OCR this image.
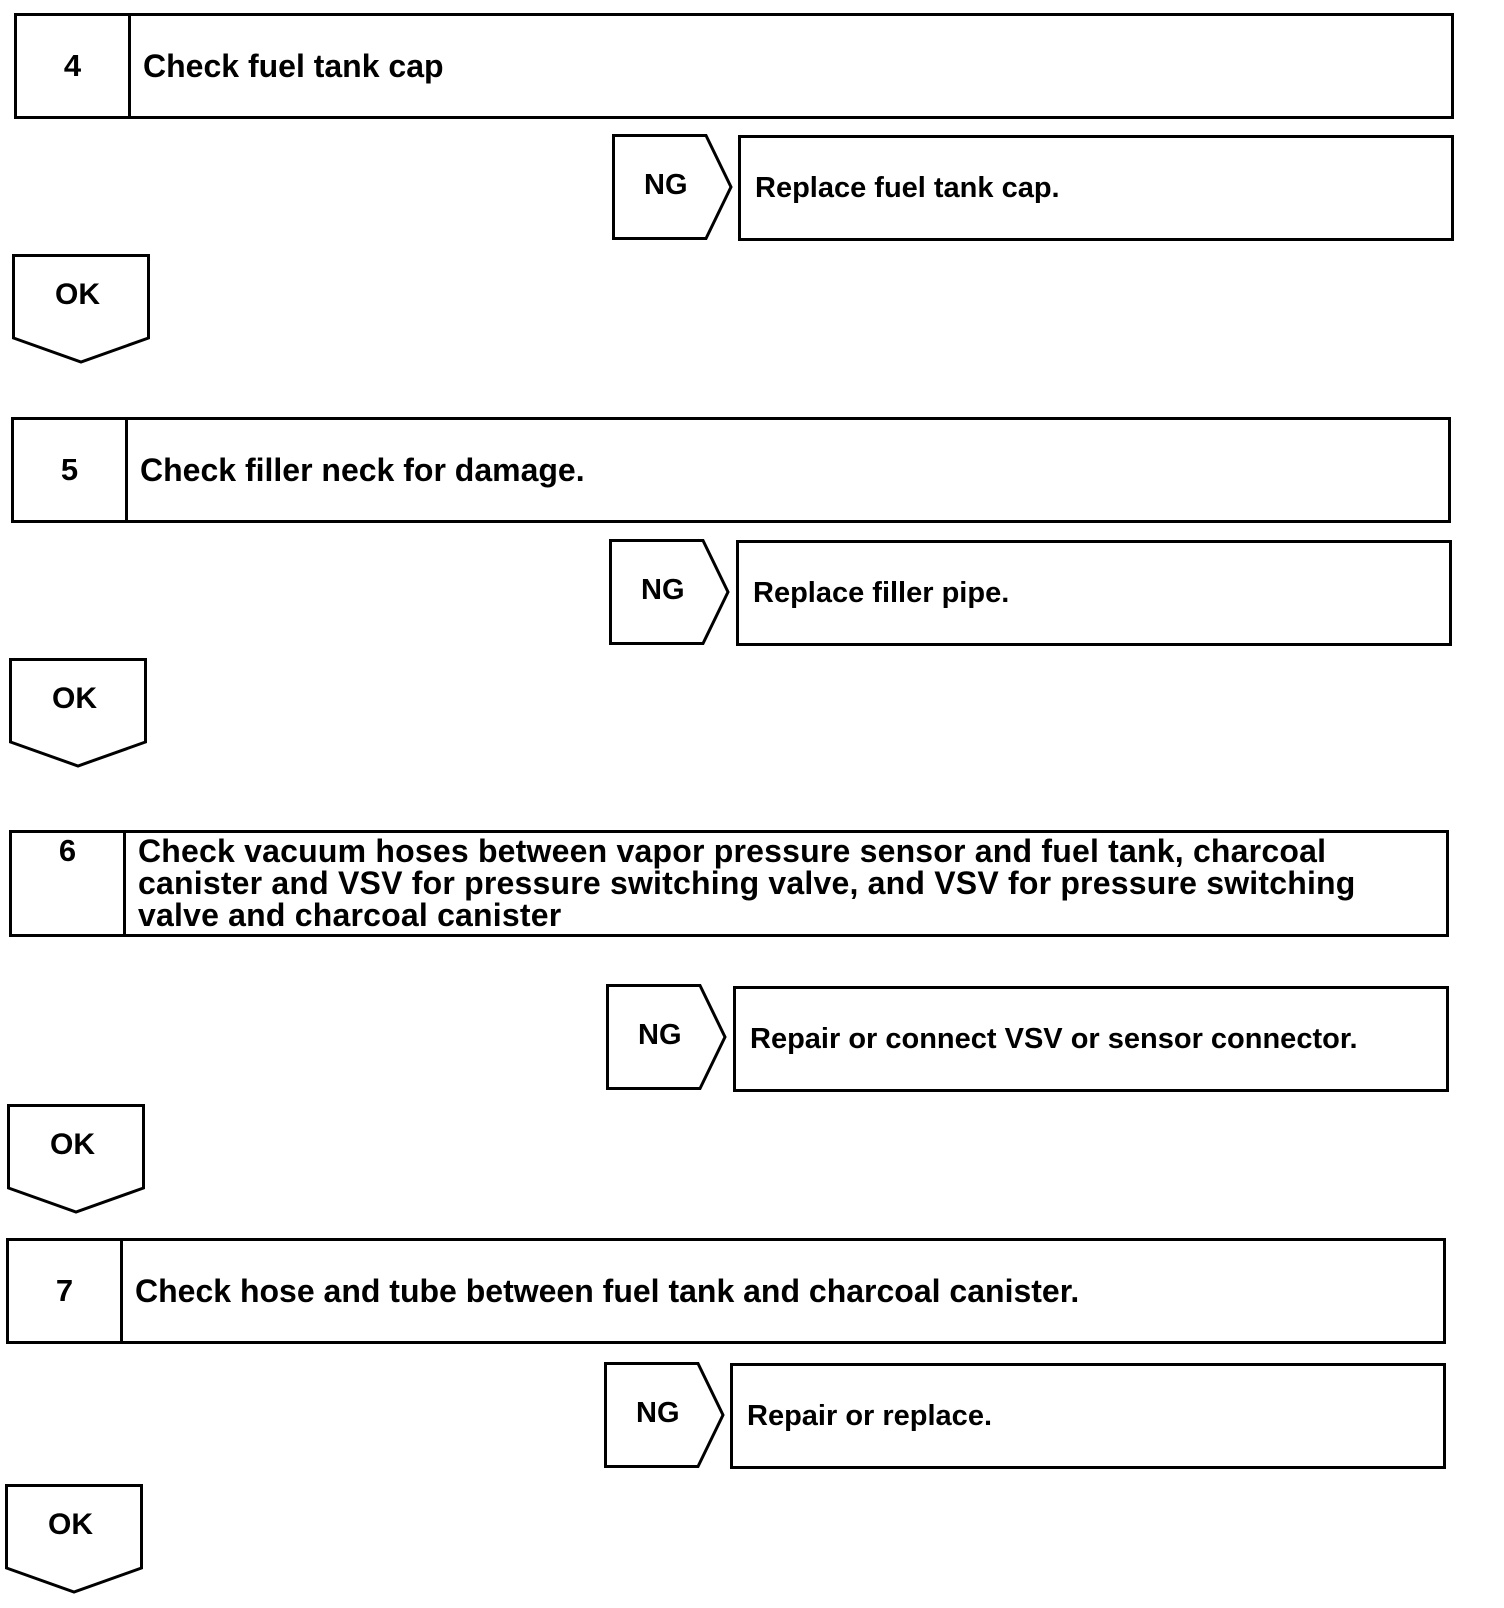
4	Check fuel tank cap
NG	Replace fuel tank cap.
OK
5	Check filler neck for damage.
NG	Replace filler pipe.
OK
6	Check vacuum hoses between vapor pressure sensor and fuel tank, charcoal
canister and VSV for pressure switching valve, and VSV for pressure switching
valve and charcoal canister
NG	Repair or connect VSV or sensor connector.
OK
7	Check hose and tube between fuel tank and charcoal canister.
NG	Repair or replace.
OK
